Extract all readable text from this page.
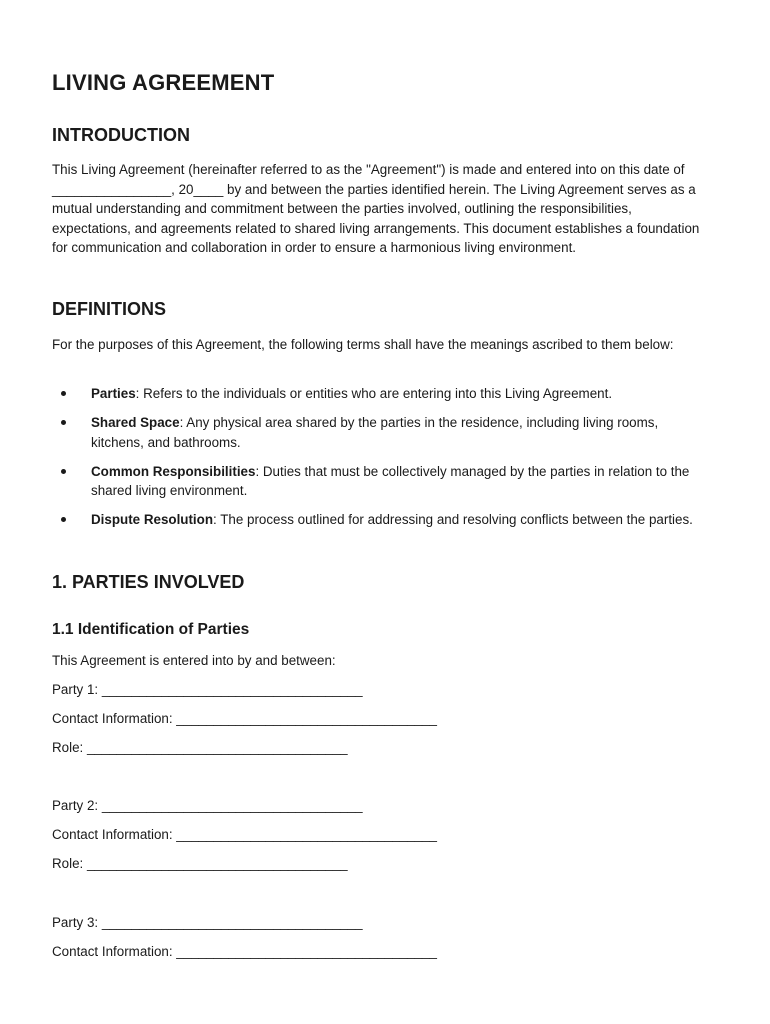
LIVING AGREEMENT
INTRODUCTION
This Living Agreement (hereinafter referred to as the "Agreement") is made and entered into on this date of ________________, 20____ by and between the parties identified herein. The Living Agreement serves as a mutual understanding and commitment between the parties involved, outlining the responsibilities, expectations, and agreements related to shared living arrangements. This document establishes a foundation for communication and collaboration in order to ensure a harmonious living environment.
DEFINITIONS
For the purposes of this Agreement, the following terms shall have the meanings ascribed to them below:
Parties: Refers to the individuals or entities who are entering into this Living Agreement.
Shared Space: Any physical area shared by the parties in the residence, including living rooms, kitchens, and bathrooms.
Common Responsibilities: Duties that must be collectively managed by the parties in relation to the shared living environment.
Dispute Resolution: The process outlined for addressing and resolving conflicts between the parties.
1. PARTIES INVOLVED
1.1 Identification of Parties
This Agreement is entered into by and between:
Party 1: ___________________________________
Contact Information: ___________________________________
Role: ___________________________________
Party 2: ___________________________________
Contact Information: ___________________________________
Role: ___________________________________
Party 3: ___________________________________
Contact Information: ___________________________________
